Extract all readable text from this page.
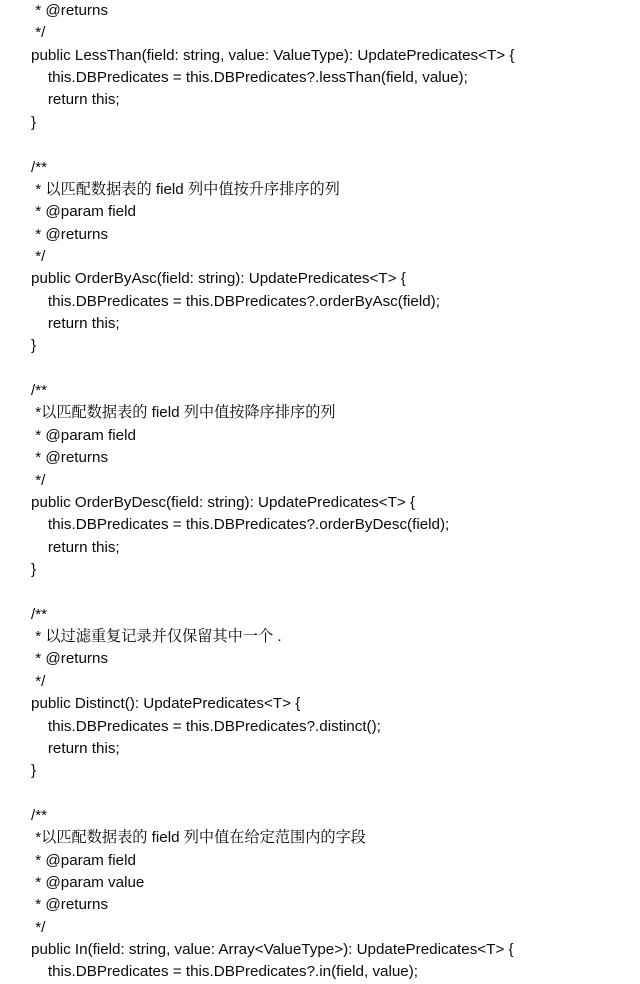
* @returns
*/
public LessThan(field: string, value: ValueType): UpdatePredicates<T> {
this.DBPredicates = this.DBPredicates?.lessThan(field, value);
return this;
}

/**
* 以匹配数据表的 field 列中值按升序排序的列
* @param field
* @returns
*/
public OrderByAsc(field: string): UpdatePredicates<T> {
this.DBPredicates = this.DBPredicates?.orderByAsc(field);
return this;
}

/**
*以匹配数据表的 field 列中值按降序排序的列
* @param field
* @returns
*/
public OrderByDesc(field: string): UpdatePredicates<T> {
this.DBPredicates = this.DBPredicates?.orderByDesc(field);
return this;
}

/**
* 以过滤重复记录并仅保留其中一个 .
* @returns
*/
public Distinct(): UpdatePredicates<T> {
this.DBPredicates = this.DBPredicates?.distinct();
return this;
}

/**
*以匹配数据表的 field 列中值在给定范围内的字段
* @param field
* @param value
* @returns
*/
public In(field: string, value: Array<ValueType>): UpdatePredicates<T> {
this.DBPredicates = this.DBPredicates?.in(field, value);
